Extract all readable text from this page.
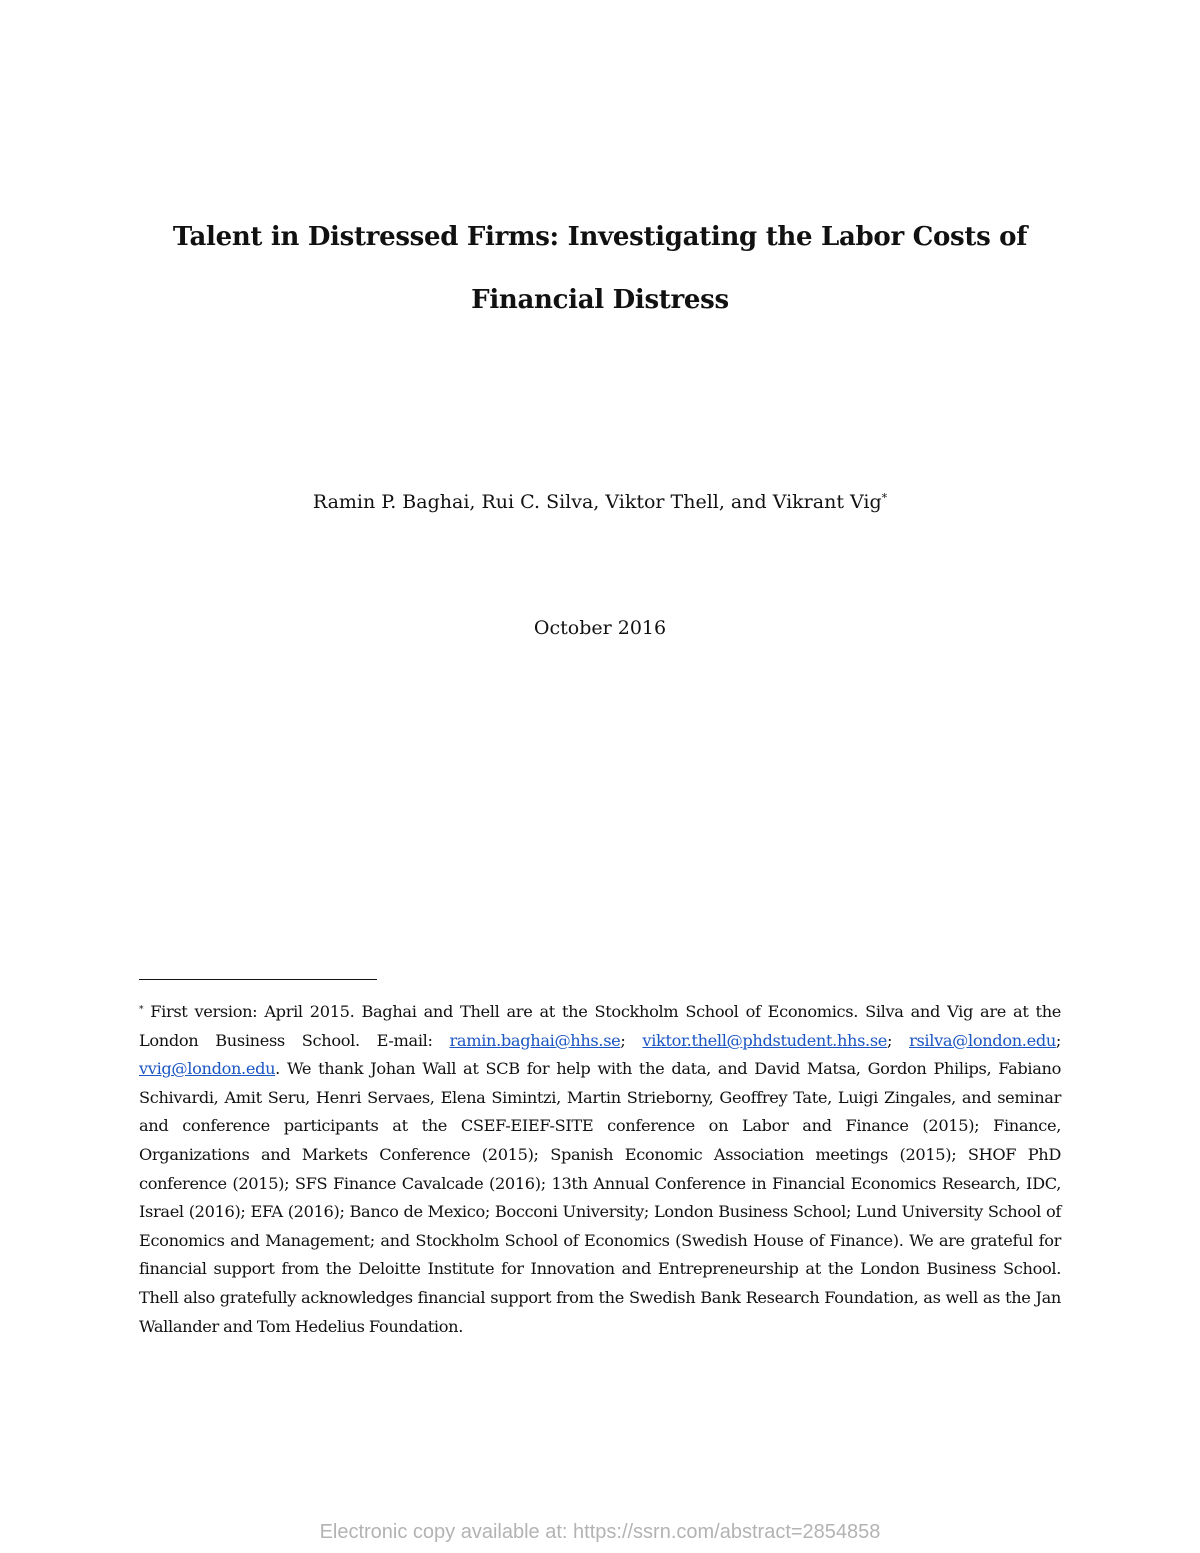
Talent in Distressed Firms: Investigating the Labor Costs of
Financial Distress

Ramin P. Baghai, Rui C. Silva, Viktor Thell, and Vikrant Vig*

October 2016

* First version: April 2015. Baghai and Thell are at the Stockholm School of Economics. Silva and Vig are at the London Business School. E-mail: ramin.baghai@hhs.se; viktor.thell@phdstudent.hhs.se; rsilva@london.edu; vvig@london.edu. We thank Johan Wall at SCB for help with the data, and David Matsa, Gordon Philips, Fabiano Schivardi, Amit Seru, Henri Servaes, Elena Simintzi, Martin Strieborny, Geoffrey Tate, Luigi Zingales, and seminar and conference participants at the CSEF-EIEF-SITE conference on Labor and Finance (2015); Finance, Organizations and Markets Conference (2015); Spanish Economic Association meetings (2015); SHOF PhD conference (2015); SFS Finance Cavalcade (2016); 13th Annual Conference in Financial Economics Research, IDC, Israel (2016); EFA (2016); Banco de Mexico; Bocconi University; London Business School; Lund University School of Economics and Management; and Stockholm School of Economics (Swedish House of Finance). We are grateful for financial support from the Deloitte Institute for Innovation and Entrepreneurship at the London Business School. Thell also gratefully acknowledges financial support from the Swedish Bank Research Foundation, as well as the Jan Wallander and Tom Hedelius Foundation.

Electronic copy available at: https://ssrn.com/abstract=2854858
